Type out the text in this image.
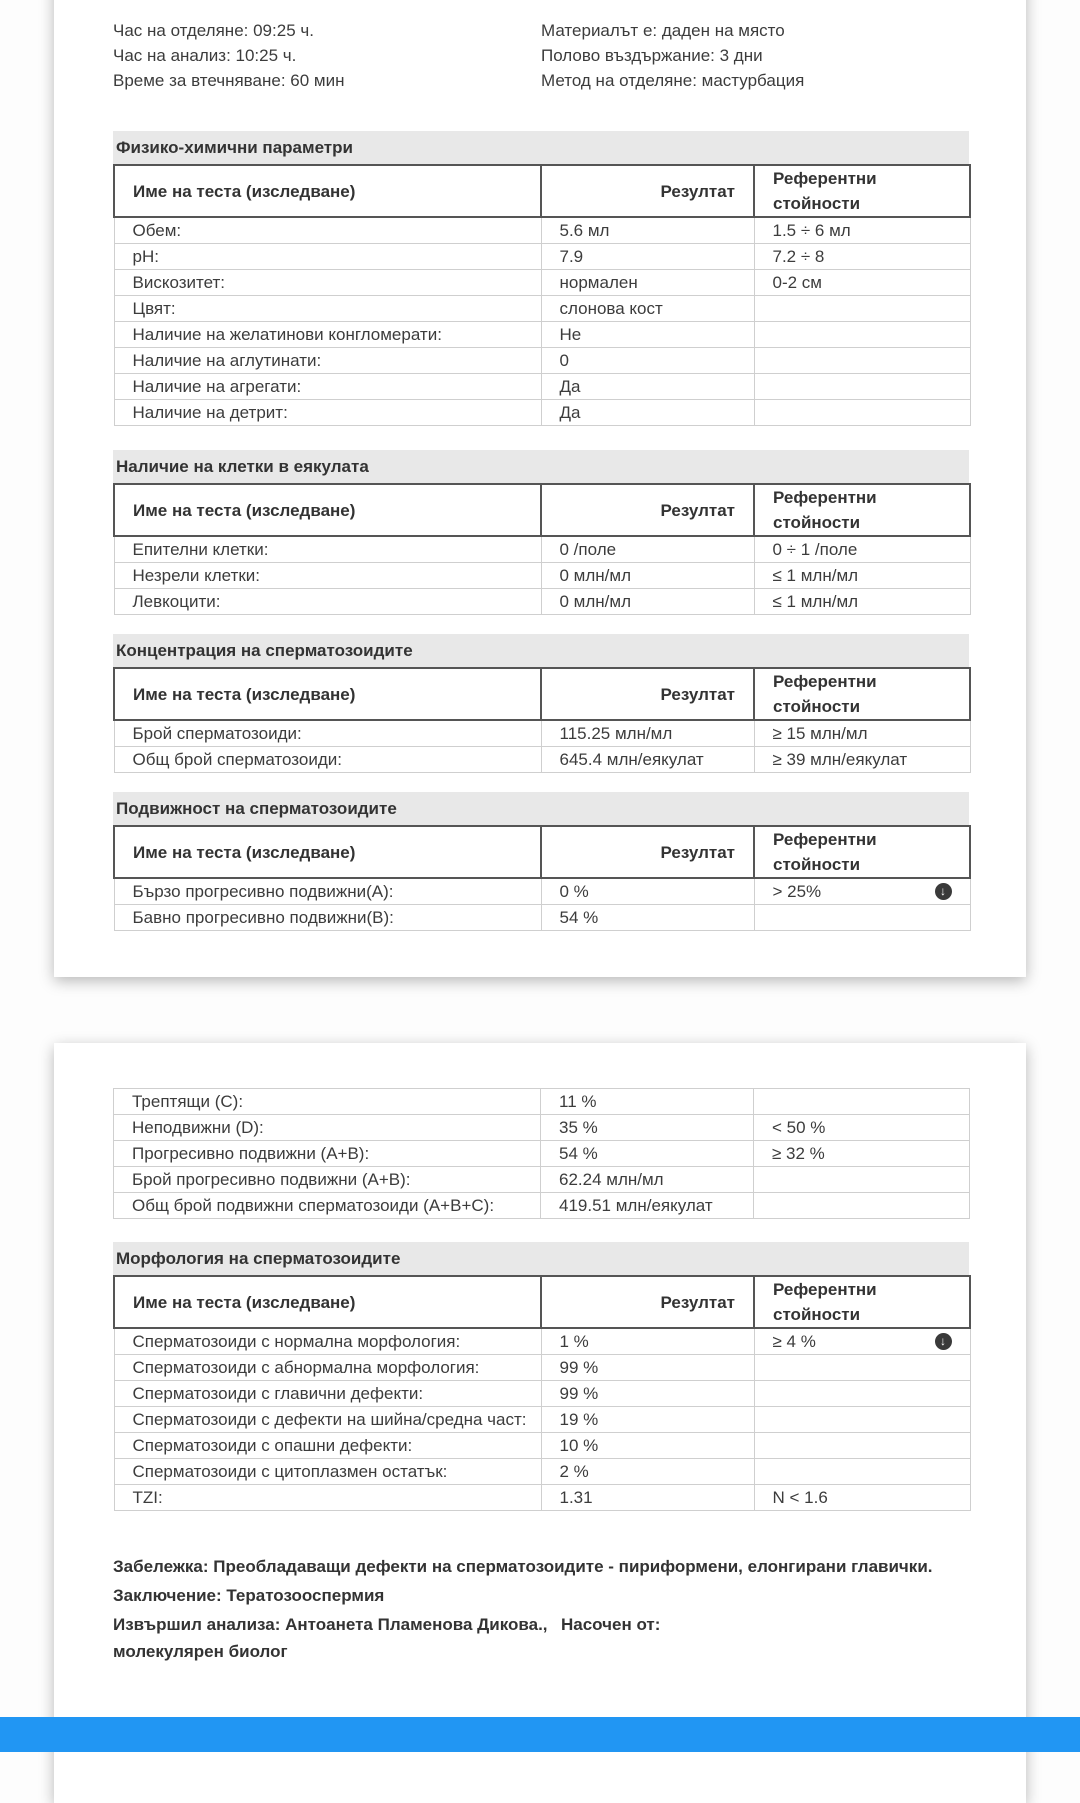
Час на отделяне: 09:25 ч.
Час на анализ: 10:25 ч.
Време за втечняване: 60 мин
Материалът е: даден на място
Полово въздържание: 3 дни
Метод на отделяне: мастурбация
Физико-химични параметри
Име на теста (изследване)	Резултат	Референтни
стойности
Обем:	5.6 мл	1.5 ÷ 6 мл
pH:	7.9	7.2 ÷ 8
Вискозитет:	нормален	0-2 см
Цвят:	слонова кост	
Наличие на желатинови конгломерати:	Не	
Наличие на аглутинати:	0	
Наличие на агрегати:	Да	
Наличие на детрит:	Да	
Наличие на клетки в еякулата
Име на теста (изследване)	Резултат	Референтни
стойности
Епителни клетки:	0 /поле	0 ÷ 1 /поле
Незрели клетки:	0 млн/мл	≤ 1 млн/мл
Левкоцити:	0 млн/мл	≤ 1 млн/мл
Концентрация на сперматозоидите
Име на теста (изследване)	Резултат	Референтни
стойности
Брой сперматозоиди:	115.25 млн/мл	≥ 15 млн/мл
Общ брой сперматозоиди:	645.4 млн/еякулат	≥ 39 млн/еякулат
Подвижност на сперматозоидите
Име на теста (изследване)	Резултат	Референтни
стойности
Бързо прогресивно подвижни(A):	0 %	> 25% ↓

Бавно прогресивно подвижни(B):	54 %	
Трептящи (C):	11 %	
Неподвижни (D):	35 %	< 50 %
Прогресивно подвижни (A+B):	54 %	≥ 32 %
Брой прогресивно подвижни (A+B):	62.24 млн/мл	
Общ брой подвижни сперматозоиди (A+B+C):	419.51 млн/еякулат	
Морфология на сперматозоидите
Име на теста (изследване)	Резултат	Референтни
стойности
Сперматозоиди с нормална морфология:	1 %	≥ 4 % ↓

Сперматозоиди с абнормална морфология:	99 %	
Сперматозоиди с главични дефекти:	99 %	
Сперматозоиди с дефекти на шийна/средна част:	19 %	
Сперматозоиди с опашни дефекти:	10 %	
Сперматозоиди с цитоплазмен остатък:	2 %	
TZI:	1.31	N < 1.6
Забележка: Преобладаващи дефекти на сперматозоидите - пириформени, елонгирани главички.
Заключение: Тератозооспермия
Извършил анализа: Антоанета Пламенова Дикова., молекулярен биолог
Насочен от:
